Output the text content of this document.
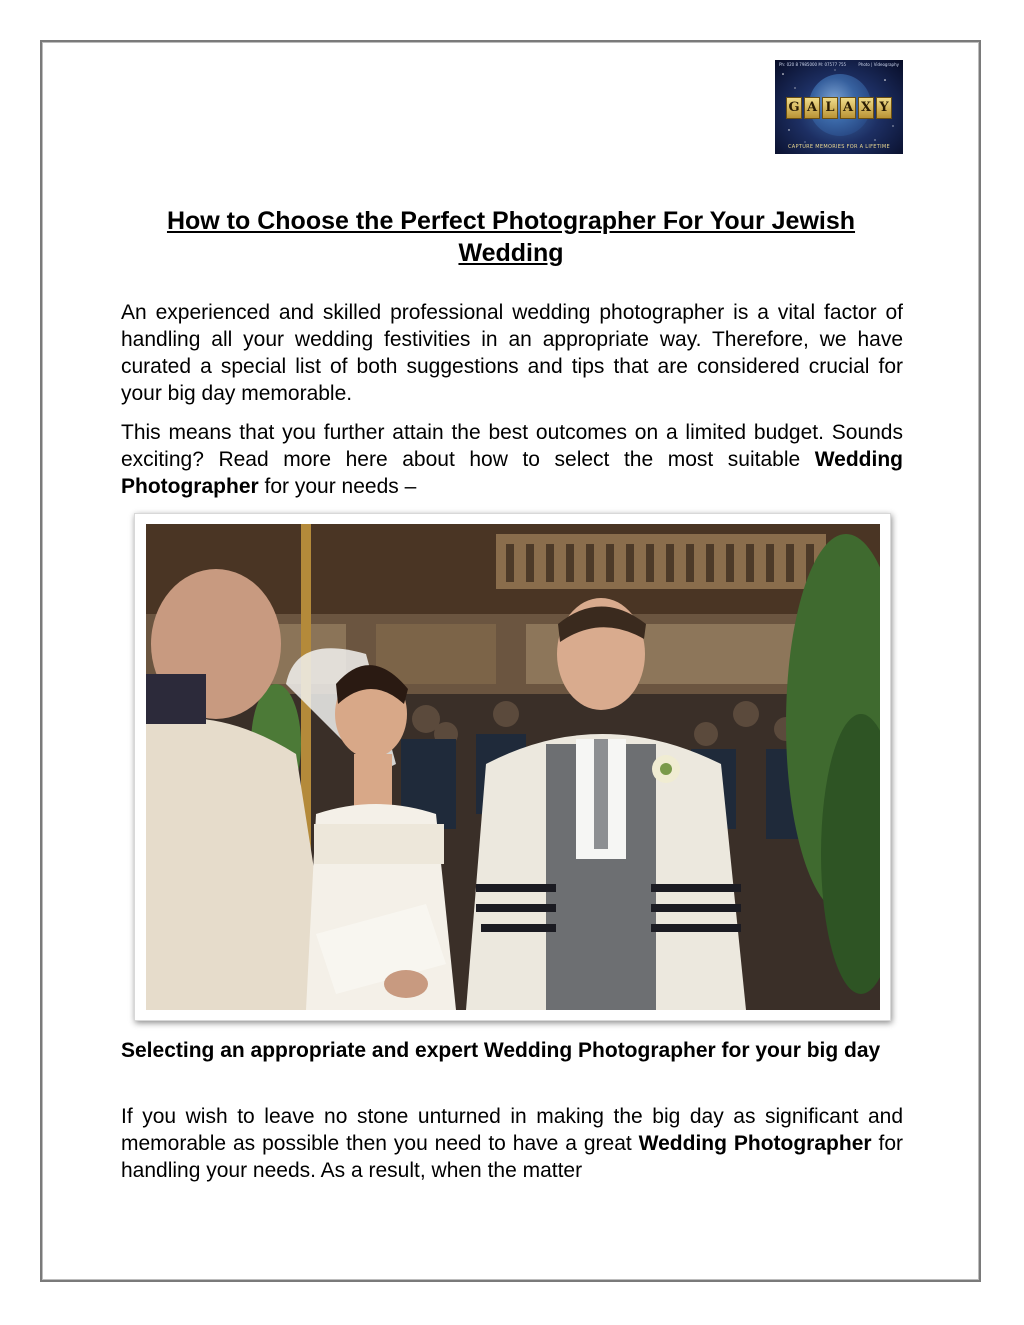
Ph: 020 8 7985000 M: 07577 755	Photo | Videography
G A L A X Y
CAPTURE MEMORIES FOR A LIFETIME
How to Choose the Perfect Photographer For Your Jewish Wedding

An experienced and skilled professional wedding photographer is a vital factor of handling all your wedding festivities in an appropriate way. Therefore, we have curated a special list of both suggestions and tips that are considered crucial for your big day memorable.

This means that you further attain the best outcomes on a limited budget. Sounds exciting? Read more here about how to select the most suitable Wedding Photographer for your needs –

Selecting an appropriate and expert Wedding Photographer for your big day

If you wish to leave no stone unturned in making the big day as significant and memorable as possible then you need to have a great Wedding Photographer for handling your needs. As a result, when the matter
